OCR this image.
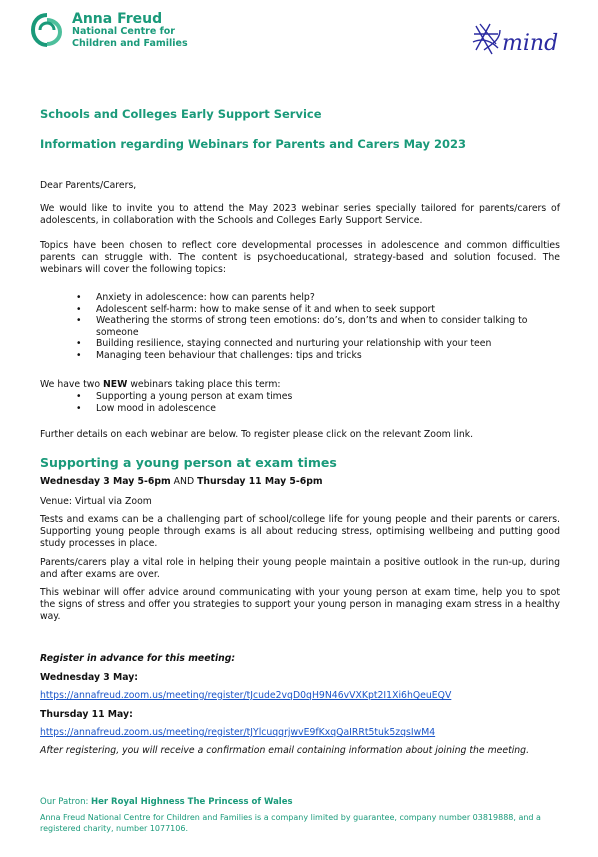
Anna Freud
National Centre for
Children and Families	mind
Schools and Colleges Early Support Service
Information regarding Webinars for Parents and Carers May 2023

Dear Parents/Carers,

We would like to invite you to attend the May 2023 webinar series specially tailored for parents/carers of adolescents, in collaboration with the Schools and Colleges Early Support Service.

Topics have been chosen to reflect core developmental processes in adolescence and common difficulties parents can struggle with. The content is psychoeducational, strategy-based and solution focused. The webinars will cover the following topics:

• Anxiety in adolescence: how can parents help?
• Adolescent self-harm: how to make sense of it and when to seek support
• Weathering the storms of strong teen emotions: do’s, don’ts and when to consider talking to someone
• Building resilience, staying connected and nurturing your relationship with your teen
• Managing teen behaviour that challenges: tips and tricks

We have two NEW webinars taking place this term:

• Supporting a young person at exam times
• Low mood in adolescence

Further details on each webinar are below. To register please click on the relevant Zoom link.

Supporting a young person at exam times

Wednesday 3 May 5-6pm AND Thursday 11 May 5-6pm

Venue: Virtual via Zoom

Tests and exams can be a challenging part of school/college life for young people and their parents or carers. Supporting young people through exams is all about reducing stress, optimising wellbeing and putting good study processes in place.

Parents/carers play a vital role in helping their young people maintain a positive outlook in the run-up, during and after exams are over.

This webinar will offer advice around communicating with your young person at exam time, help you to spot the signs of stress and offer you strategies to support your young person in managing exam stress in a healthy way.

Register in advance for this meeting:

Wednesday 3 May:

https://annafreud.zoom.us/meeting/register/tJcude2vqD0qH9N46vVXKpt2I1Xi6hQeuEQV

Thursday 11 May:

https://annafreud.zoom.us/meeting/register/tJYlcuqqrjwvE9fKxqQaIRRt5tuk5zqsIwM4

After registering, you will receive a confirmation email containing information about joining the meeting.

Our Patron: Her Royal Highness The Princess of Wales
Anna Freud National Centre for Children and Families is a company limited by guarantee, company number 03819888, and a registered charity, number 1077106.
